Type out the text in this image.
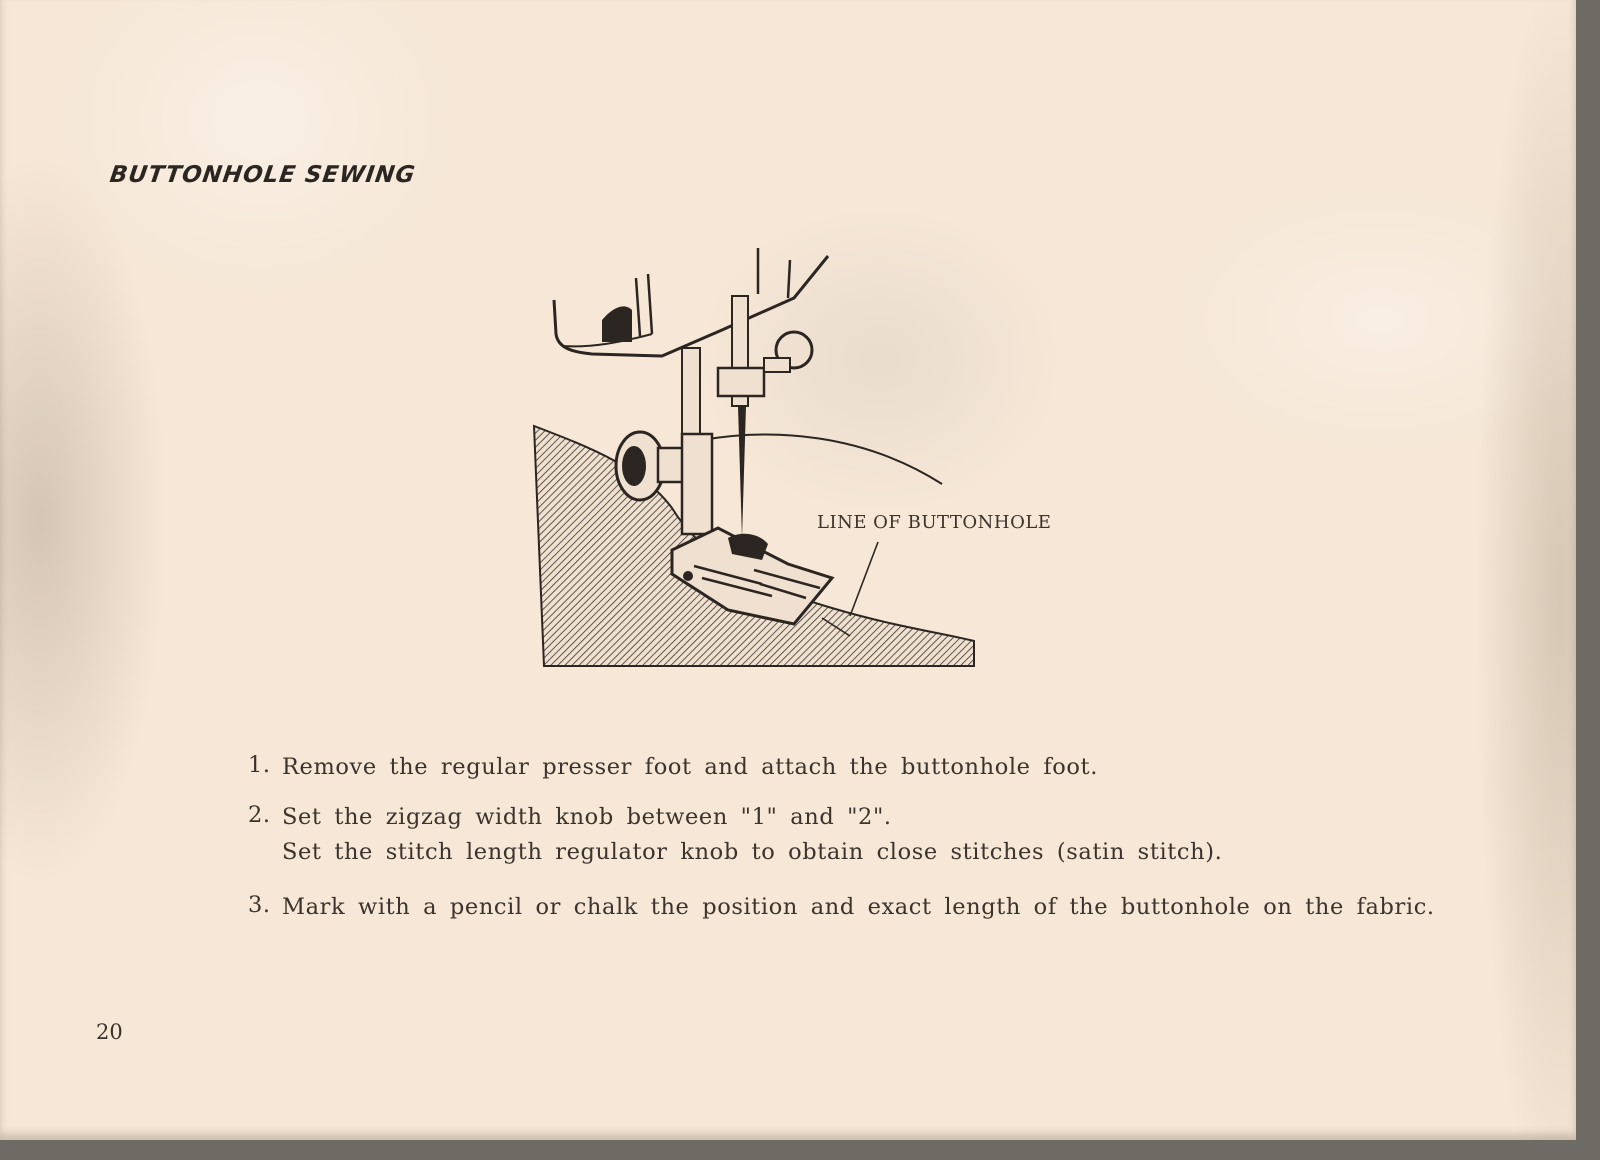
BUTTONHOLE SEWING
LINE OF BUTTONHOLE
1. Remove the regular presser foot and attach the buttonhole foot.
2. Set the zigzag width knob between "1" and "2".
Set the stitch length regulator knob to obtain close stitches (satin stitch).
3. Mark with a pencil or chalk the position and exact length of the buttonhole on the fabric.
20
